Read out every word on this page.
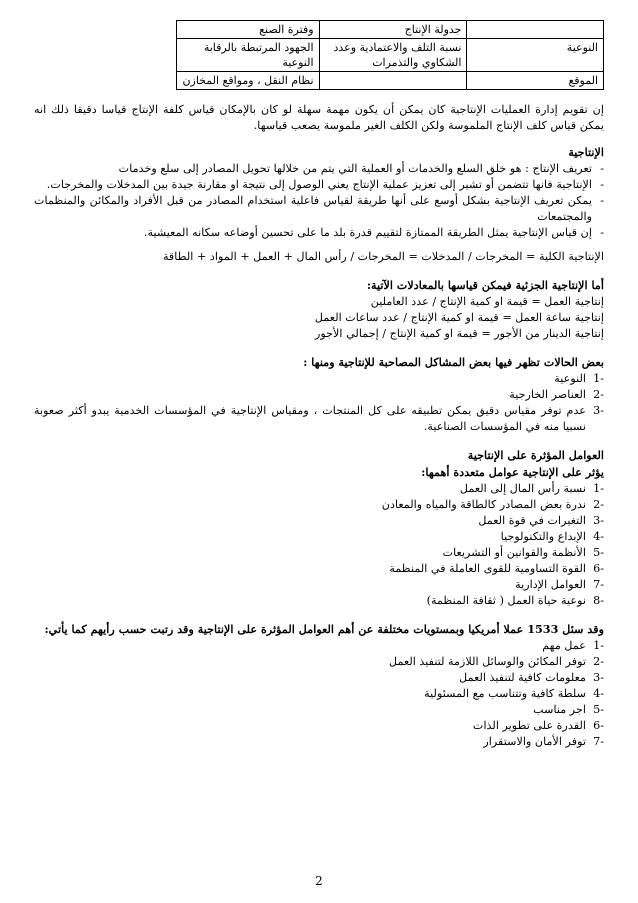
	جدولة الإنتاج	وفترة الصنع	
النوعية	نسبة التلف والاعتمادية وعدد الشكاوي والتذمرات	الجهود المرتبطة بالرقابة النوعية	
الموقع		نظام النقل ، ومواقع المخازن	

إن تقويم إدارة العمليات الإنتاجية كان يمكن أن يكون مهمة سهلة لو كان بالإمكان قياس كلفة الإنتاج قياسا دقيقا ذلك انه يمكن قياس كلف الإنتاج الملموسة ولكن الكلف الغير ملموسة يصعب قياسها.

الإنتاجية
-
تعريف الإنتاج : هو خلق السلع والخدمات أو العملية التي يتم من خلالها تحويل المصادر إلى سلع وخدمات
-
الإنتاجية فانها تتضمن أو تشير إلى تعزيز عملية الإنتاج يعني الوصول إلى نتيجة او مقارنة جيدة بين المدخلات والمخرجات.
-
يمكن تعريف الإنتاجية بشكل أوسع على أنها طريقة لقياس فاعلية استخدام المصادر من قبل الأفراد والمكائن والمنظمات والمجتمعات
-
إن قياس الإنتاجية يمثل الطريقة الممتازة لتقييم قدرة بلد ما على تحسين أوضاعه سكانه المعيشية.

الإنتاجية الكلية = المخرجات / المدخلات = المخرجات / رأس المال + العمل + المواد + الطاقة

أما الإنتاجية الجزئية فيمكن قياسها بالمعادلات الآتية:

إنتاجية العمل = قيمة او كمية الإنتاج / عدد العاملين

إنتاجية ساعة العمل = قيمة او كمية الإنتاج / عدد ساعات العمل

إنتاجية الدينار من الأجور = قيمة او كمية الإنتاج / إجمالي الأجور

بعض الحالات تظهر فيها بعض المشاكل المصاحبة للإنتاجية ومنها :
-1
النوعية
-2
العناصر الخارجية
-3
عدم توفر مقياس دقيق يمكن تطبيقه على كل المنتجات ، ومقياس الإنتاجية في المؤسسات الخدمية يبدو أكثر صعوبة نسبيا منه في المؤسسات الصناعية.
العوامل المؤثرة على الإنتاجية
يؤثر على الإنتاجية عوامل متعددة أهمها:
-1
نسبة رأس المال إلى العمل
-2
ندرة بعض المصادر كالطاقة والمياه والمعادن
-3
التغيرات في قوة العمل
-4
الإبداع والتكنولوجيا
-5
الأنظمة والقوانين أو التشريعات
-6
القوة التساومية للقوى العاملة في المنظمة
-7
العوامل الإدارية
-8
نوعية حياة العمل ( ثقافة المنظمة)
وقد سئل 1533 عملا أمريكيا وبمستويات مختلفة عن أهم العوامل المؤثرة على الإنتاجية وقد رتبت حسب رأيهم كما يأتي:
-1
عمل مهم
-2
توفر المكائن والوسائل اللازمة لتنفيذ العمل
-3
معلومات كافية لتنفيذ العمل
-4
سلطة كافية وتتناسب مع المسئولية
-5
اجر مناسب
-6
القدرة على تطوير الذات
-7
توفر الأمان والاستقرار
2
